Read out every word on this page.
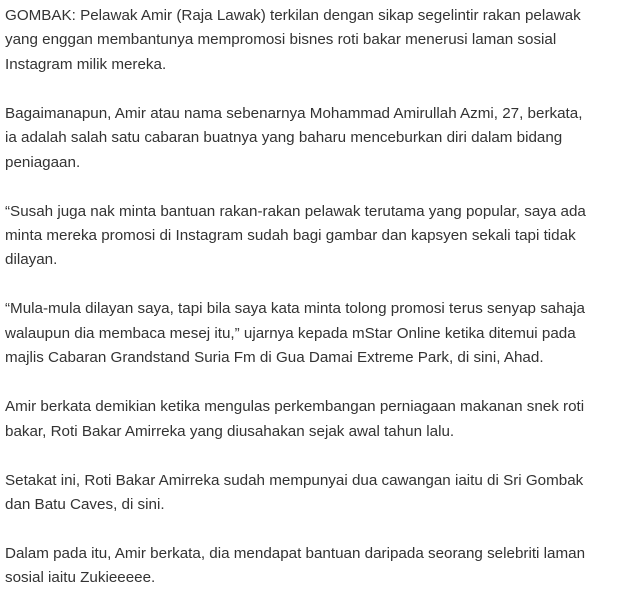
GOMBAK: Pelawak Amir (Raja Lawak) terkilan dengan sikap segelintir rakan pelawak
yang enggan membantunya mempromosi bisnes roti bakar menerusi laman sosial
Instagram milik mereka.

Bagaimanapun, Amir atau nama sebenarnya Mohammad Amirullah Azmi, 27, berkata,
ia adalah salah satu cabaran buatnya yang baharu menceburkan diri dalam bidang
peniagaan.

“Susah juga nak minta bantuan rakan-rakan pelawak terutama yang popular, saya ada
minta mereka promosi di Instagram sudah bagi gambar dan kapsyen sekali tapi tidak
dilayan.

“Mula-mula dilayan saya, tapi bila saya kata minta tolong promosi terus senyap sahaja
walaupun dia membaca mesej itu,” ujarnya kepada mStar Online ketika ditemui pada
majlis Cabaran Grandstand Suria Fm di Gua Damai Extreme Park, di sini, Ahad.

Amir berkata demikian ketika mengulas perkembangan perniagaan makanan snek roti
bakar, Roti Bakar Amirreka yang diusahakan sejak awal tahun lalu.

Setakat ini, Roti Bakar Amirreka sudah mempunyai dua cawangan iaitu di Sri Gombak
dan Batu Caves, di sini.

Dalam pada itu, Amir berkata, dia mendapat bantuan daripada seorang selebriti laman
sosial iaitu Zukieeeee.
